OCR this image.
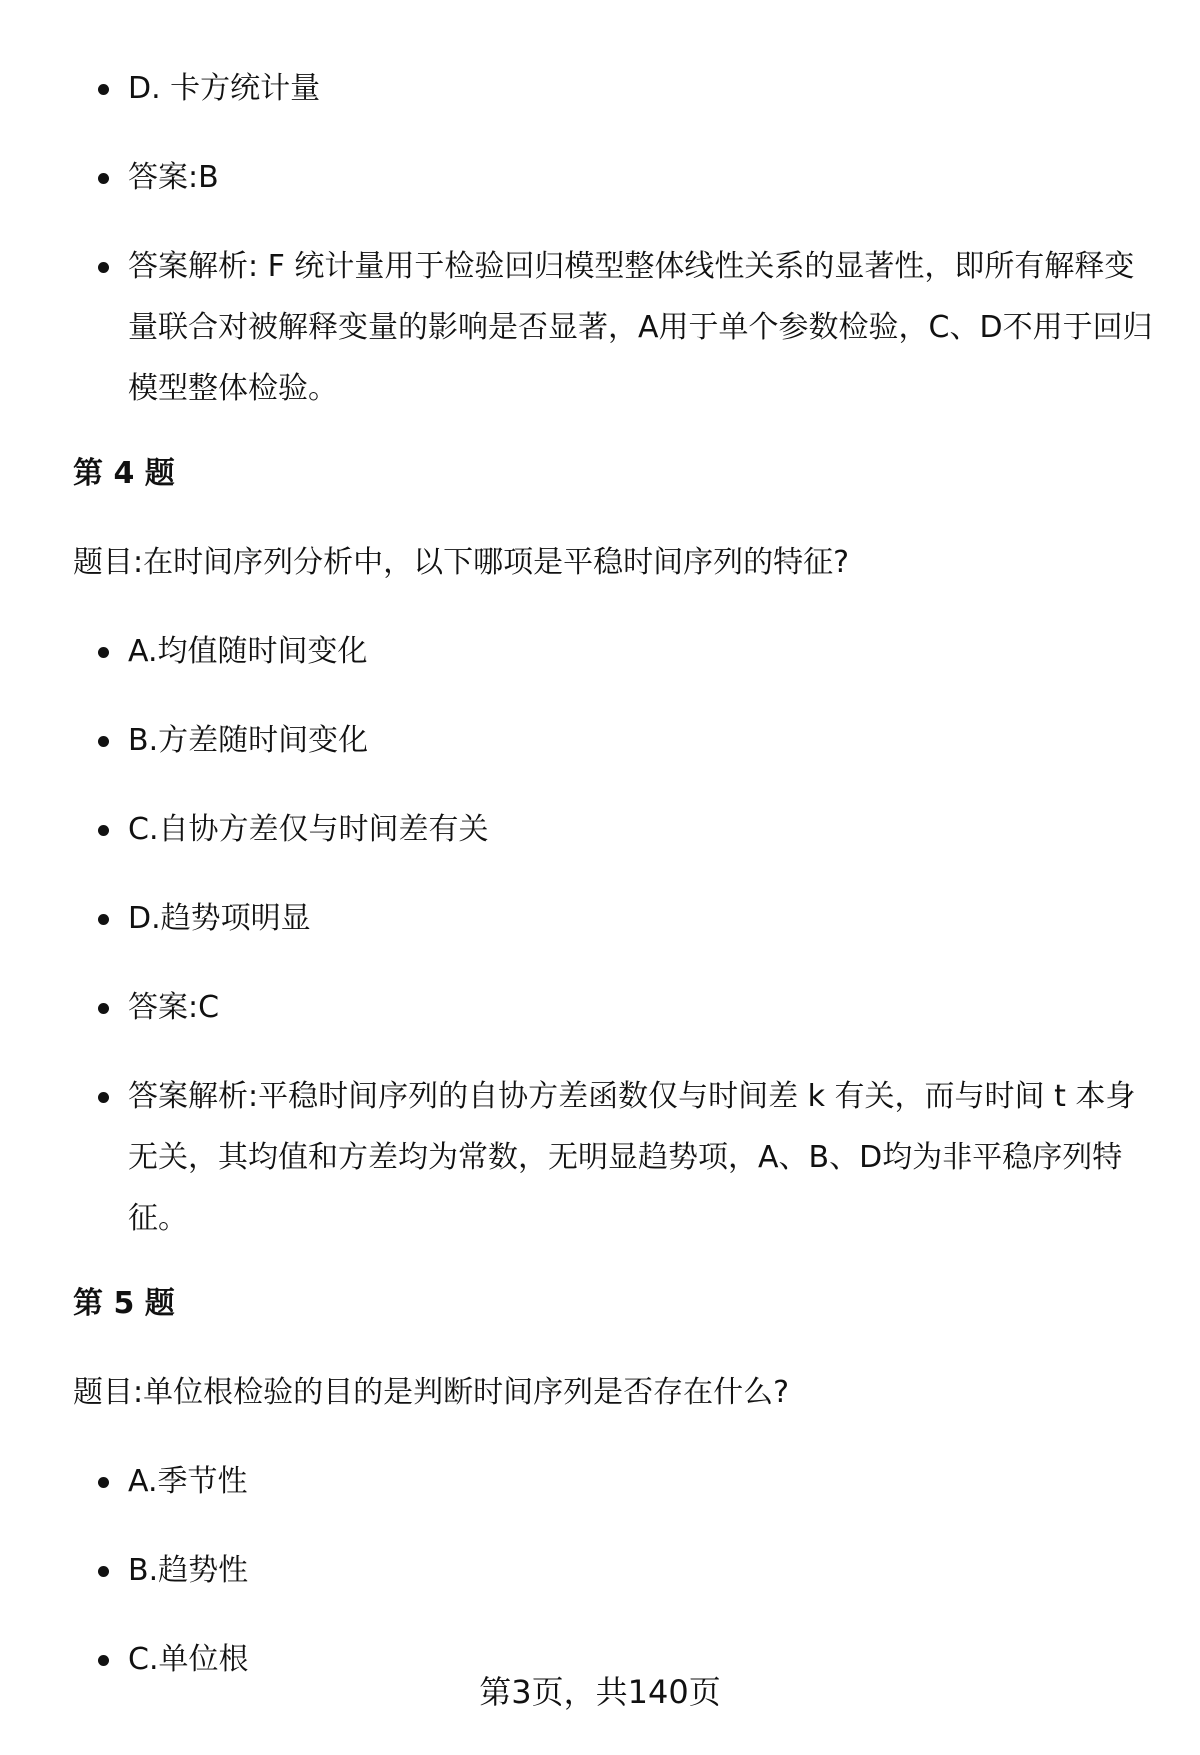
D. 卡方统计量
答案:B
答案解析: F 统计量用于检验回归模型整体线性关系的显著性，即所有解释变量联合对被解释变量的影响是否显著，A用于单个参数检验，C、D不用于回归模型整体检验。
第 4 题
题目:在时间序列分析中，以下哪项是平稳时间序列的特征?
A.均值随时间变化
B.方差随时间变化
C.自协方差仅与时间差有关
D.趋势项明显
答案:C
答案解析:平稳时间序列的自协方差函数仅与时间差 k 有关，而与时间 t 本身无关，其均值和方差均为常数，无明显趋势项，A、B、D均为非平稳序列特征。
第 5 题
题目:单位根检验的目的是判断时间序列是否存在什么?
A.季节性
B.趋势性
C.单位根
第3页，共140页
